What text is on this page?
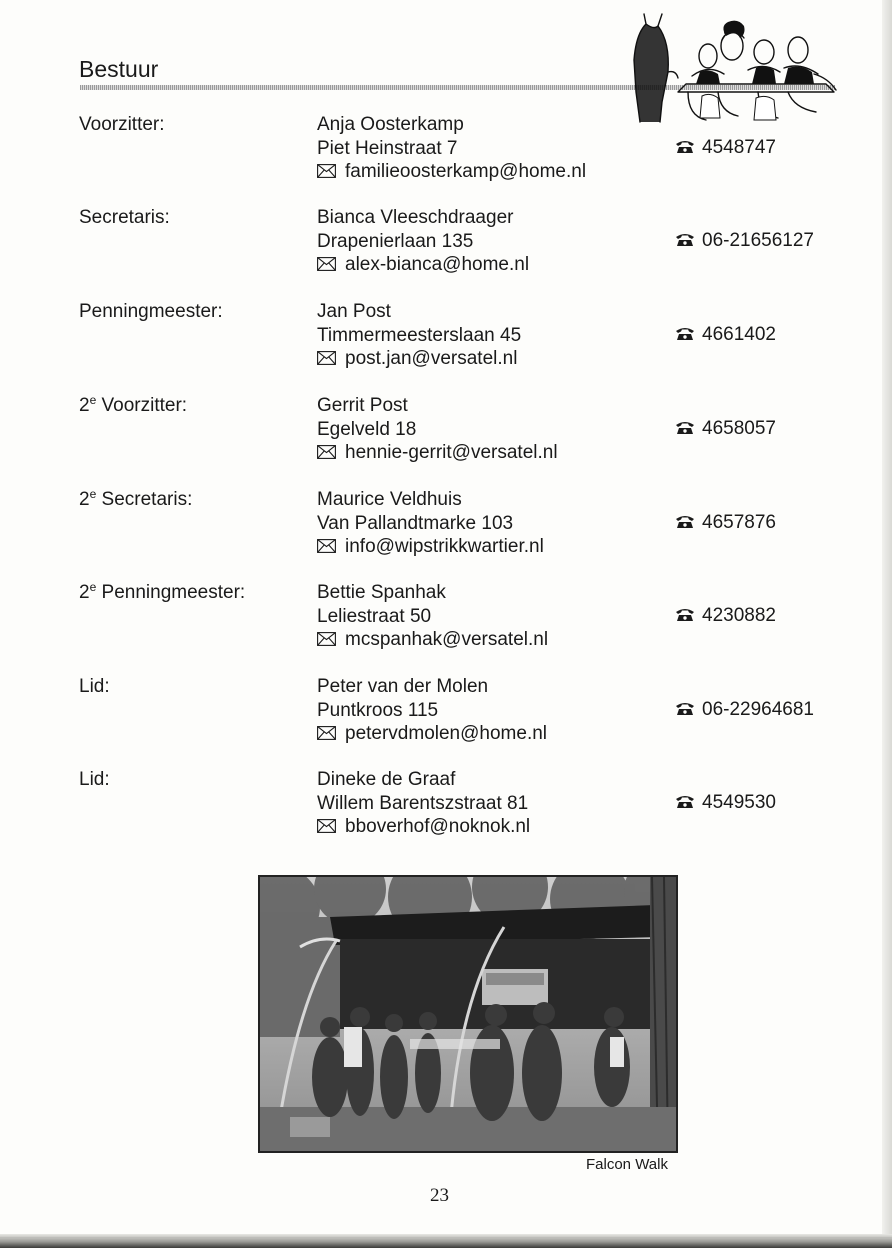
Bestuur
Voorzitter:	Anja Oosterkamp
Piet Heinstraat 7
familieoosterkamp@home.nl
4548747
Secretaris:	Bianca Vleeschdraager
Drapenierlaan 135
alex-bianca@home.nl
06-21656127
Penningmeester:	Jan Post
Timmermeesterslaan 45
post.jan@versatel.nl
4661402
2e Voorzitter:	Gerrit Post
Egelveld 18
hennie-gerrit@versatel.nl
4658057
2e Secretaris:	Maurice Veldhuis
Van Pallandtmarke 103
info@wipstrikkwartier.nl
4657876
2e Penningmeester:	Bettie Spanhak
Leliestraat 50
mcspanhak@versatel.nl
4230882
Lid:	Peter van der Molen
Puntkroos 115
petervdmolen@home.nl
06-22964681
Lid:	Dineke de Graaf
Willem Barentszstraat 81
bboverhof@noknok.nl
4549530
Falcon Walk
23
